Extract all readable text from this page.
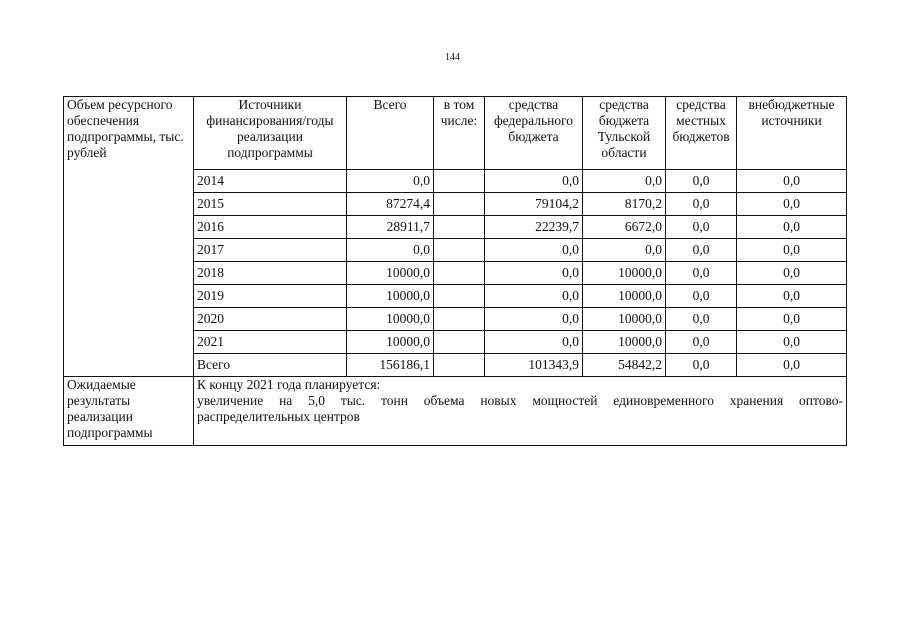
144
Объем ресурсного обеспечения подпрограммы, тыс. рублей	Источники финансирования/годы реализации подпрограммы	Всего	в том числе:	средства федерального бюджета	средства бюджета Тульской области	средства местных бюджетов	внебюджетные источники
	2014	0,0		0,0	0,0	0,0	0,0
	2015	87274,4		79104,2	8170,2	0,0	0,0
	2016	28911,7		22239,7	6672,0	0,0	0,0
	2017	0,0		0,0	0,0	0,0	0,0
	2018	10000,0		0,0	10000,0	0,0	0,0
	2019	10000,0		0,0	10000,0	0,0	0,0
	2020	10000,0		0,0	10000,0	0,0	0,0
	2021	10000,0		0,0	10000,0	0,0	0,0
	Всего	156186,1		101343,9	54842,2	0,0	0,0
Ожидаемые результаты реализации подпрограммы	К концу 2021 года планируется:
увеличение на 5,0 тыс. тонн объема новых мощностей единовременного хранения оптово-
распределительных центров						
